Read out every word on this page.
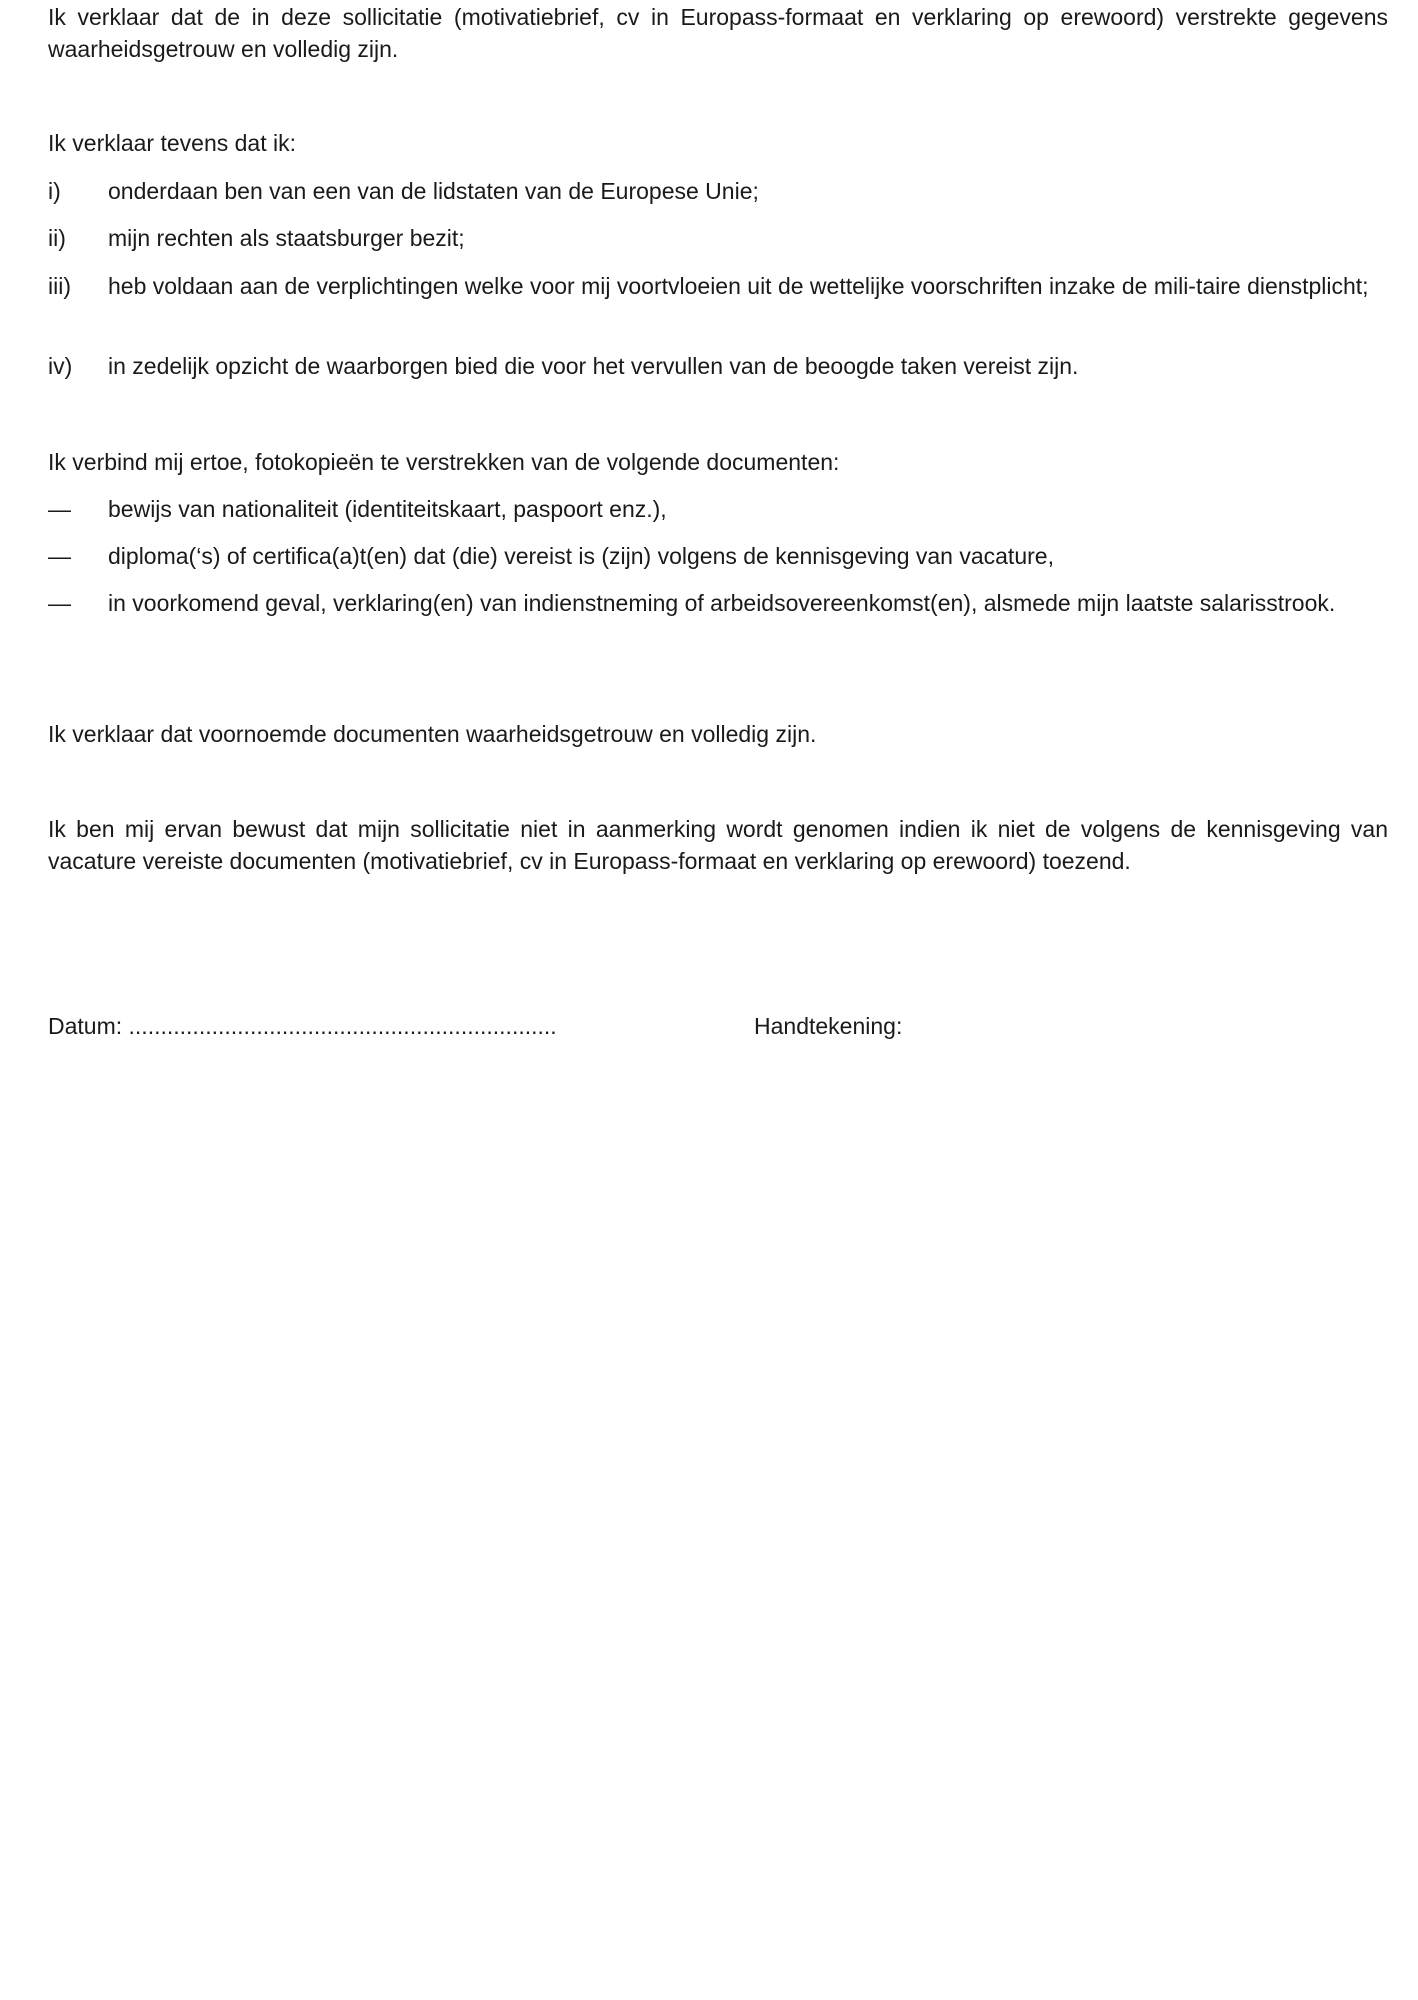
Ik verklaar dat de in deze sollicitatie (motivatiebrief, cv in Europass-formaat en verklaring op erewoord) verstrekte gegevens waarheidsgetrouw en volledig zijn.

Ik verklaar tevens dat ik:

i)	onderdaan ben van een van de lidstaten van de Europese Unie;
ii)	mijn rechten als staatsburger bezit;
iii)	heb voldaan aan de verplichtingen welke voor mij voortvloeien uit de wettelijke voorschriften inzake de mili-taire dienstplicht;
iv)	in zedelijk opzicht de waarborgen bied die voor het vervullen van de beoogde taken vereist zijn.

Ik verbind mij ertoe, fotokopieën te verstrekken van de volgende documenten:

—	bewijs van nationaliteit (identiteitskaart, paspoort enz.),
—	diploma(‘s) of certifica(a)t(en) dat (die) vereist is (zijn) volgens de kennisgeving van vacature,
—	in voorkomend geval, verklaring(en) van indienstneming of arbeidsovereenkomst(en), alsmede mijn laatste salarisstrook.

Ik verklaar dat voornoemde documenten waarheidsgetrouw en volledig zijn.

Ik ben mij ervan bewust dat mijn sollicitatie niet in aanmerking wordt genomen indien ik niet de volgens de kennisgeving van vacature vereiste documenten (motivatiebrief, cv in Europass-formaat en verklaring op erewoord) toezend.

Datum: ...................................................................	Handtekening:
